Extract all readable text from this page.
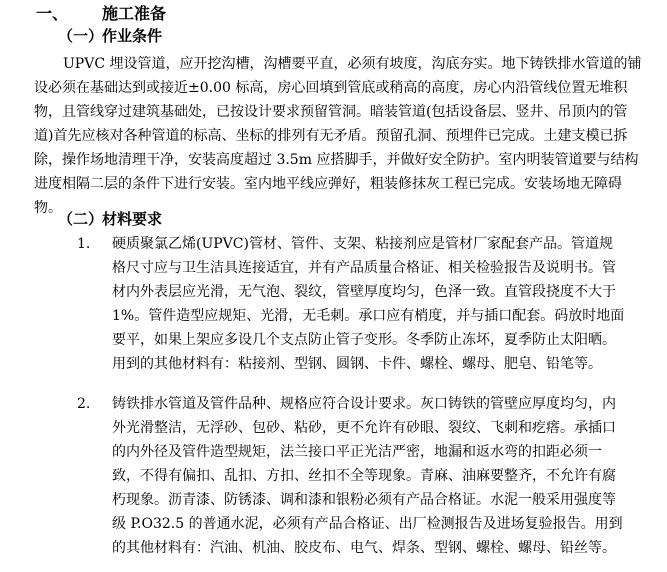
一、 施工准备
（一）
作业条件

UPVC 埋设管道，应开挖沟槽，沟槽要平直，必须有坡度，沟底夯实。地下铸铁排水管道的铺设必须在基础达到或接近±0.00 标高，房心回填到管底或稍高的高度，房心内沿管线位置无堆积物，且管线穿过建筑基础处，已按设计要求预留管洞。暗装管道(包括设备层、竖井、吊顶内的管道)首先应核对各种管道的标高、坐标的排列有无矛盾。预留孔洞、预埋件已完成。土建支模已拆除，操作场地清理干净，安装高度超过 3.5m 应搭脚手，并做好安全防护。室内明装管道要与结构进度相隔二层的条件下进行安装。室内地平线应弹好，粗装修抹灰工程已完成。安装场地无障碍物。

（二）
材料要求
1. 硬质聚氯乙烯(UPVC)管材、管件、支架、粘接剂应是管材厂家配套产品。管道规格尺寸应与卫生洁具连接适宜，并有产品质量合格证、相关检验报告及说明书。管材内外表层应光滑，无气泡、裂纹，管壁厚度均匀，色泽一致。直管段挠度不大于 1%。管件造型应规矩、光滑，无毛刺。承口应有梢度，并与插口配套。码放时地面要平，如果上架应多设几个支点防止管子变形。冬季防止冻坏，夏季防止太阳晒。用到的其他材料有：粘接剂、型钢、圆钢、卡件、螺栓、螺母、肥皂、铅笔等。

2. 铸铁排水管道及管件品种、规格应符合设计要求。灰口铸铁的管壁应厚度均匀，内外光滑整洁，无浮砂、包砂、粘砂，更不允许有砂眼、裂纹、飞刺和疙瘩。承插口的内外径及管件造型规矩，法兰接口平正光洁严密，地漏和返水弯的扣距必须一致，不得有偏扣、乱扣、方扣、丝扣不全等现象。青麻、油麻要整齐，不允许有腐朽现象。沥青漆、防锈漆、调和漆和银粉必须有产品合格证。水泥一般采用强度等级 P.O32.5 的普通水泥，必须有产品合格证、出厂检测报告及进场复验报告。用到的其他材料有：汽油、机油、胶皮布、电气、焊条、型钢、螺栓、螺母、铅丝等。
